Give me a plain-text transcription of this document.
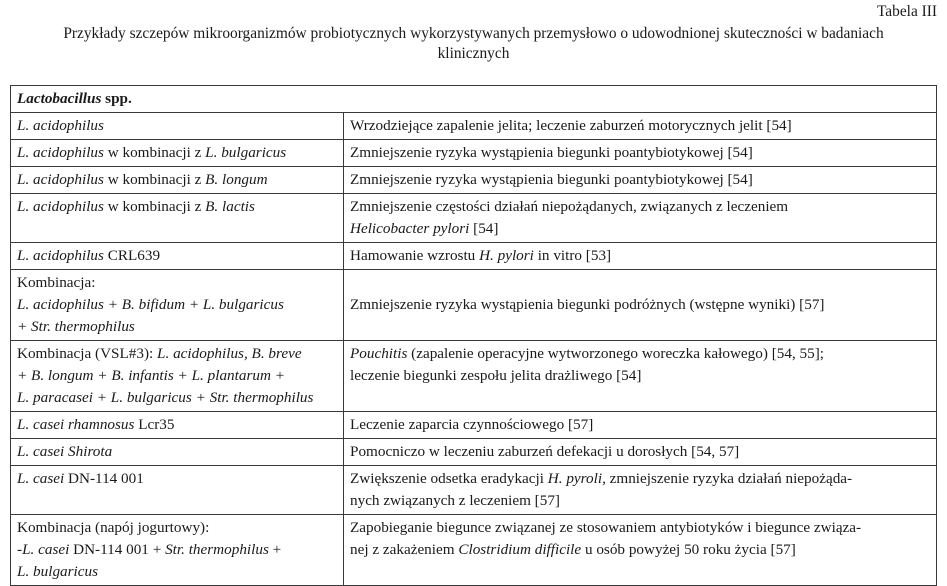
Tabela III
Przykłady szczepów mikroorganizmów probiotycznych wykorzystywanych przemysłowo o udowodnionej skuteczności w badaniach
klinicznych
Lactobacillus spp.	

L. acidophilus	Wrzodziejące zapalenie jelita; leczenie zaburzeń motorycznych jelit [54]

L. acidophilus w kombinacji z L. bulgaricus	Zmniejszenie ryzyka wystąpienia biegunki poantybiotykowej [54]

L. acidophilus w kombinacji z B. longum	Zmniejszenie ryzyka wystąpienia biegunki poantybiotykowej [54]

L. acidophilus w kombinacji z B. lactis	Zmniejszenie częstości działań niepożądanych, związanych z leczeniem
Helicobacter pylori [54]

L. acidophilus CRL639	Hamowanie wzrostu H. pylori in vitro [53]

Kombinacja:
L. acidophilus + B. bifidum + L. bulgaricus
+ Str. thermophilus	Zmniejszenie ryzyka wystąpienia biegunki podróżnych (wstępne wyniki) [57]

Kombinacja (VSL#3): L. acidophilus, B. breve
+ B. longum + B. infantis + L. plantarum +
L. paracasei + L. bulgaricus + Str. thermophilus	Pouchitis (zapalenie operacyjne wytworzonego woreczka kałowego) [54, 55];
leczenie biegunki zespołu jelita drażliwego [54]

L. casei rhamnosus Lcr35	Leczenie zaparcia czynnościowego [57]

L. casei Shirota	Pomocniczo w leczeniu zaburzeń defekacji u dorosłych [54, 57]

L. casei DN-114 001	Zwiększenie odsetka eradykacji H. pyroli, zmniejszenie ryzyka działań niepożąda-
nych związanych z leczeniem [57]

Kombinacja (napój jogurtowy):
-L. casei DN-114 001 + Str. thermophilus +
L. bulgaricus	Zapobieganie biegunce związanej ze stosowaniem antybiotyków i biegunce związa-
nej z zakażeniem Clostridium difficile u osób powyżej 50 roku życia [57]
